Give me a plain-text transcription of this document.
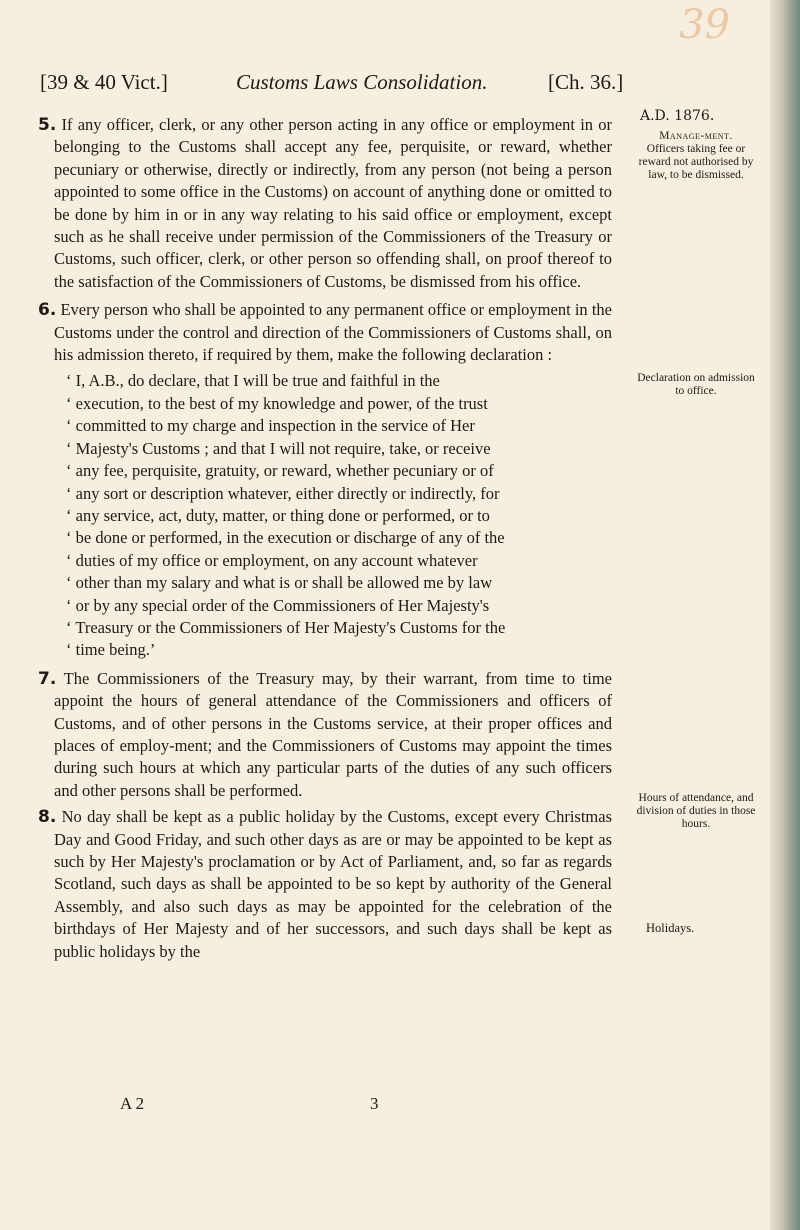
39
[39 & 40 Vict.]	Customs Laws Consolidation.	[Ch. 36.]
A.D. 1876.

5. If any officer, clerk, or any other person acting in any office or employment in or belonging to the Customs shall accept any fee, perquisite, or reward, whether pecuniary or otherwise, directly or indirectly, from any person (not being a person appointed to some office in the Customs) on account of anything done or omitted to be done by him in or in any way relating to his said office or employment, except such as he shall receive under permission of the Commissioners of the Treasury or Customs, such officer, clerk, or other person so offending shall, on proof thereof to the satisfaction of the Commissioners of Customs, be dismissed from his office.

6. Every person who shall be appointed to any permanent office or employment in the Customs under the control and direction of the Commissioners of Customs shall, on his admission thereto, if required by them, make the following declaration :

‘ I, A.B., do declare, that I will be true and faithful in the
‘ execution, to the best of my knowledge and power, of the trust
‘ committed to my charge and inspection in the service of Her
‘ Majesty's Customs ; and that I will not require, take, or receive
‘ any fee, perquisite, gratuity, or reward, whether pecuniary or of
‘ any sort or description whatever, either directly or indirectly, for
‘ any service, act, duty, matter, or thing done or performed, or to
‘ be done or performed, in the execution or discharge of any of the
‘ duties of my office or employment, on any account whatever
‘ other than my salary and what is or shall be allowed me by law
‘ or by any special order of the Commissioners of Her Majesty's
‘ Treasury or the Commissioners of Her Majesty's Customs for the
‘ time being.’

7. The Commissioners of the Treasury may, by their warrant, from time to time appoint the hours of general attendance of the Commissioners and officers of Customs, and of other persons in the Customs service, at their proper offices and places of employ-ment; and the Commissioners of Customs may appoint the times during such hours at which any particular parts of the duties of any such officers and other persons shall be performed.

8. No day shall be kept as a public holiday by the Customs, except every Christmas Day and Good Friday, and such other days as are or may be appointed to be kept as such by Her Majesty's proclamation or by Act of Parliament, and, so far as regards Scotland, such days as shall be appointed to be so kept by authority of the General Assembly, and also such days as may be appointed for the celebration of the birthdays of Her Majesty and of her successors, and such days shall be kept as public holidays by the

Manage-ment.
Officers taking fee or reward not authorised by law, to be dismissed.
Declaration on admission to office.
Hours of attendance, and division of duties in those hours.
Holidays.
A 2	3
